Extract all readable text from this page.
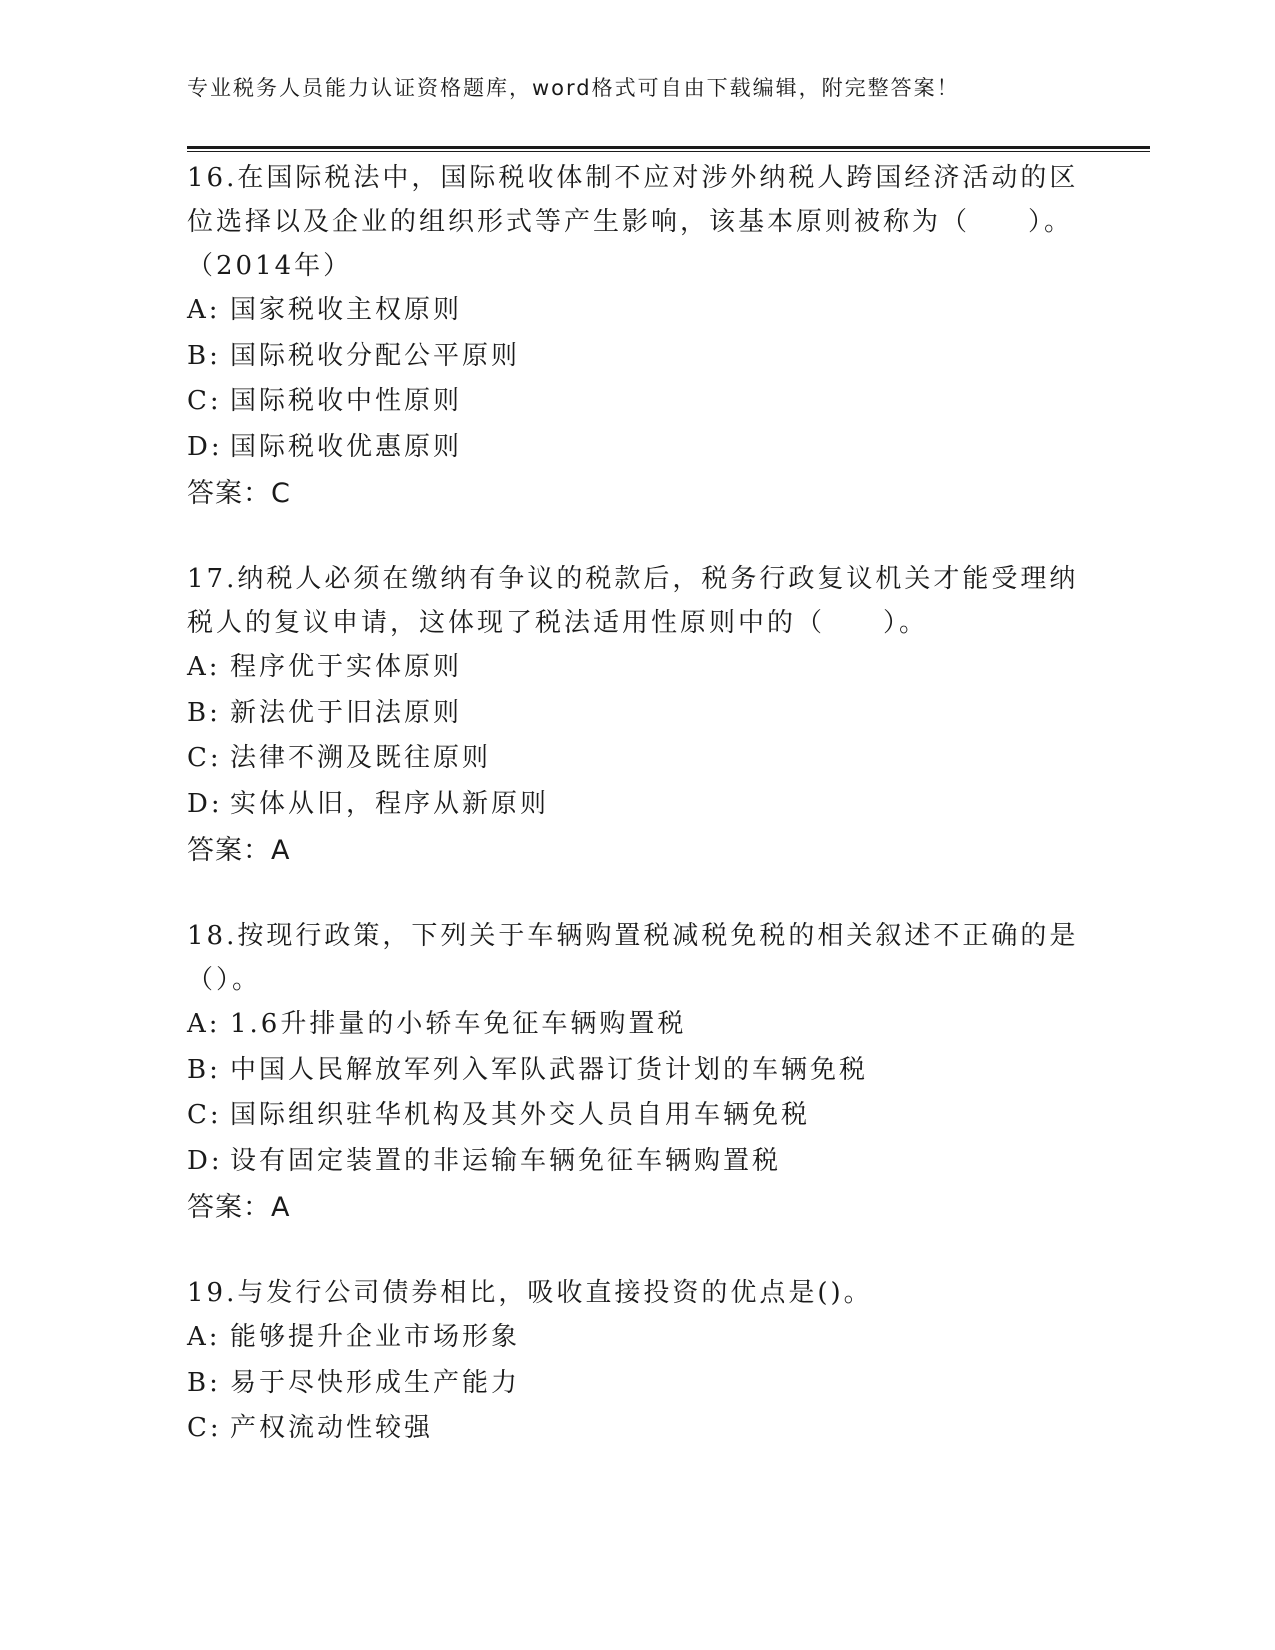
专业税务人员能力认证资格题库，word格式可自由下载编辑，附完整答案！
16.在国际税法中，国际税收体制不应对涉外纳税人跨国经济活动的区位选择以及企业的组织形式等产生影响，该基本原则被称为（　　）。（2014年）
A: 国家税收主权原则
B: 国际税收分配公平原则
C: 国际税收中性原则
D: 国际税收优惠原则
答案：C
17.纳税人必须在缴纳有争议的税款后，税务行政复议机关才能受理纳税人的复议申请，这体现了税法适用性原则中的（　　）。
A: 程序优于实体原则
B: 新法优于旧法原则
C: 法律不溯及既往原则
D: 实体从旧，程序从新原则
答案：A
18.按现行政策，下列关于车辆购置税减税免税的相关叙述不正确的是（）。
A: 1.6升排量的小轿车免征车辆购置税
B: 中国人民解放军列入军队武器订货计划的车辆免税
C: 国际组织驻华机构及其外交人员自用车辆免税
D: 设有固定装置的非运输车辆免征车辆购置税
答案：A
19.与发行公司债券相比，吸收直接投资的优点是()。
A: 能够提升企业市场形象
B: 易于尽快形成生产能力
C: 产权流动性较强
